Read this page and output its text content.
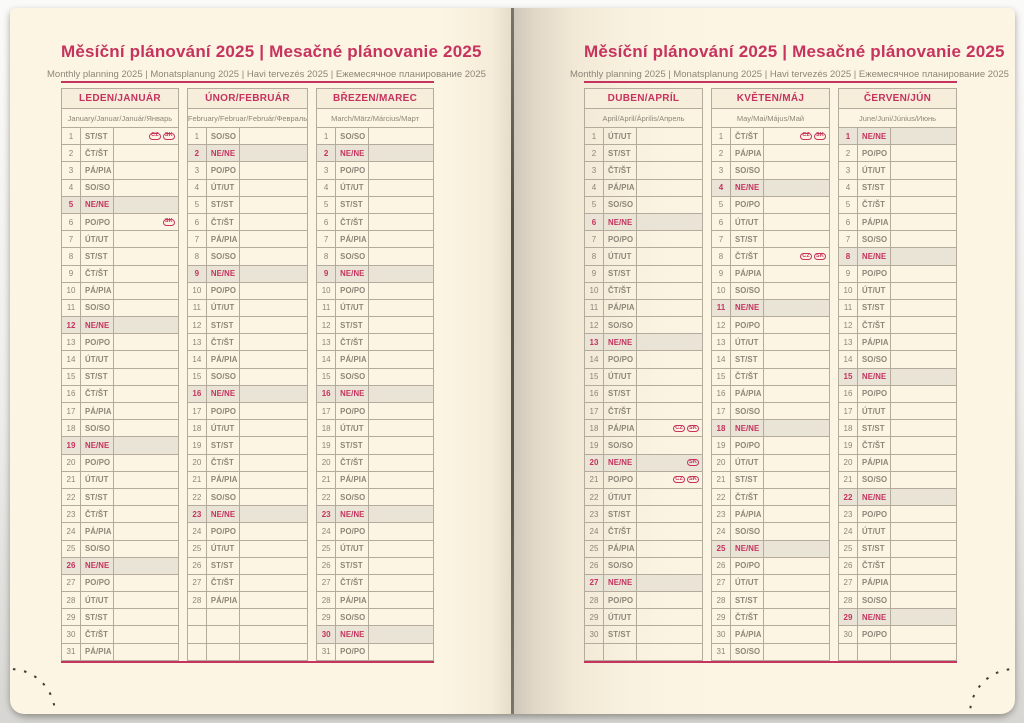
Měsíční plánování 2025 | Mesačné plánovanie 2025
Monthly planning 2025 | Monatsplanung 2025 | Havi tervezés 2025 | Ежемесячное планирование 2025
LEDEN/JANUÁR
January/Januar/Január/Январь
1	ST/ST	CZ	SK
2	ČT/ŠT
3	PÁ/PIA
4	SO/SO
5	NE/NE
6	PO/PO	SK
7	ÚT/UT
8	ST/ST
9	ČT/ŠT
10	PÁ/PIA
11	SO/SO
12	NE/NE
13	PO/PO
14	ÚT/UT
15	ST/ST
16	ČT/ŠT
17	PÁ/PIA
18	SO/SO
19	NE/NE
20	PO/PO
21	ÚT/UT
22	ST/ST
23	ČT/ŠT
24	PÁ/PIA
25	SO/SO
26	NE/NE
27	PO/PO
28	ÚT/UT
29	ST/ST
30	ČT/ŠT
31	PÁ/PIA
ÚNOR/FEBRUÁR
February/Februar/Február/Февраль
1	SO/SO
2	NE/NE
3	PO/PO
4	ÚT/UT
5	ST/ST
6	ČT/ŠT
7	PÁ/PIA
8	SO/SO
9	NE/NE
10	PO/PO
11	ÚT/UT
12	ST/ST
13	ČT/ŠT
14	PÁ/PIA
15	SO/SO
16	NE/NE
17	PO/PO
18	ÚT/UT
19	ST/ST
20	ČT/ŠT
21	PÁ/PIA
22	SO/SO
23	NE/NE
24	PO/PO
25	ÚT/UT
26	ST/ST
27	ČT/ŠT
28	PÁ/PIA
BŘEZEN/MAREC
March/März/Március/Март
1	SO/SO
2	NE/NE
3	PO/PO
4	ÚT/UT
5	ST/ST
6	ČT/ŠT
7	PÁ/PIA
8	SO/SO
9	NE/NE
10	PO/PO
11	ÚT/UT
12	ST/ST
13	ČT/ŠT
14	PÁ/PIA
15	SO/SO
16	NE/NE
17	PO/PO
18	ÚT/UT
19	ST/ST
20	ČT/ŠT
21	PÁ/PIA
22	SO/SO
23	NE/NE
24	PO/PO
25	ÚT/UT
26	ST/ST
27	ČT/ŠT
28	PÁ/PIA
29	SO/SO
30	NE/NE
31	PO/PO
Měsíční plánování 2025 | Mesačné plánovanie 2025
Monthly planning 2025 | Monatsplanung 2025 | Havi tervezés 2025 | Ежемесячное планирование 2025
DUBEN/APRÍL
April/April/Április/Апрель
1	ÚT/UT
2	ST/ST
3	ČT/ŠT
4	PÁ/PIA
5	SO/SO
6	NE/NE
7	PO/PO
8	ÚT/UT
9	ST/ST
10	ČT/ŠT
11	PÁ/PIA
12	SO/SO
13	NE/NE
14	PO/PO
15	ÚT/UT
16	ST/ST
17	ČT/ŠT
18	PÁ/PIA	CZ	SK
19	SO/SO
20	NE/NE	SK
21	PO/PO	CZ	SK
22	ÚT/UT
23	ST/ST
24	ČT/ŠT
25	PÁ/PIA
26	SO/SO
27	NE/NE
28	PO/PO
29	ÚT/UT
30	ST/ST
KVĚTEN/MÁJ
May/Mai/Május/Май
1	ČT/ŠT	CZ	SK
2	PÁ/PIA
3	SO/SO
4	NE/NE
5	PO/PO
6	ÚT/UT
7	ST/ST
8	ČT/ŠT	CZ	SK
9	PÁ/PIA
10	SO/SO
11	NE/NE
12	PO/PO
13	ÚT/UT
14	ST/ST
15	ČT/ŠT
16	PÁ/PIA
17	SO/SO
18	NE/NE
19	PO/PO
20	ÚT/UT
21	ST/ST
22	ČT/ŠT
23	PÁ/PIA
24	SO/SO
25	NE/NE
26	PO/PO
27	ÚT/UT
28	ST/ST
29	ČT/ŠT
30	PÁ/PIA
31	SO/SO
ČERVEN/JÚN
June/Juni/Június/Июнь
1	NE/NE
2	PO/PO
3	ÚT/UT
4	ST/ST
5	ČT/ŠT
6	PÁ/PIA
7	SO/SO
8	NE/NE
9	PO/PO
10	ÚT/UT
11	ST/ST
12	ČT/ŠT
13	PÁ/PIA
14	SO/SO
15	NE/NE
16	PO/PO
17	ÚT/UT
18	ST/ST
19	ČT/ŠT
20	PÁ/PIA
21	SO/SO
22	NE/NE
23	PO/PO
24	ÚT/UT
25	ST/ST
26	ČT/ŠT
27	PÁ/PIA
28	SO/SO
29	NE/NE
30	PO/PO
